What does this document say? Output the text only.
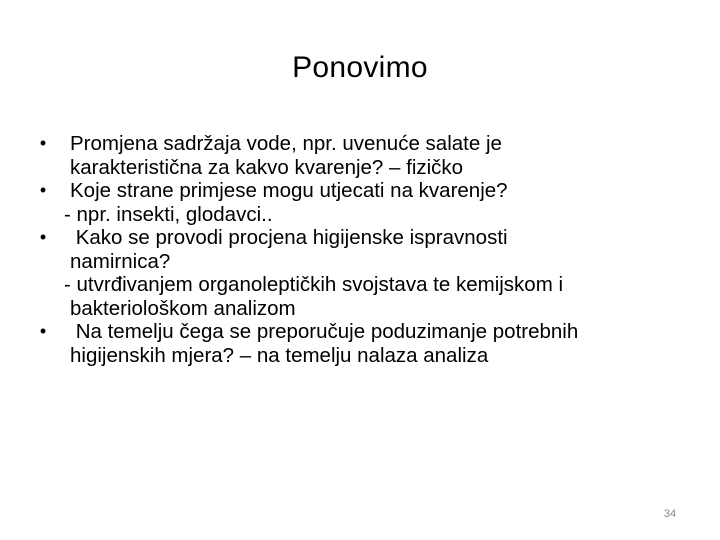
Ponovimo
•	Promjena sadržaja vode, npr. uvenuće salate je
karakteristična za kakvo kvarenje? – fizičko
•	Koje strane primjese mogu utjecati na kvarenje?
- npr. insekti, glodavci..
•	Kako se provodi procjena higijenske ispravnosti
namirnica?
- utvrđivanjem organoleptičkih svojstava te kemijskom i
bakteriološkom analizom
•	Na temelju čega se preporučuje poduzimanje potrebnih
higijenskih mjera? – na temelju nalaza analiza
34
